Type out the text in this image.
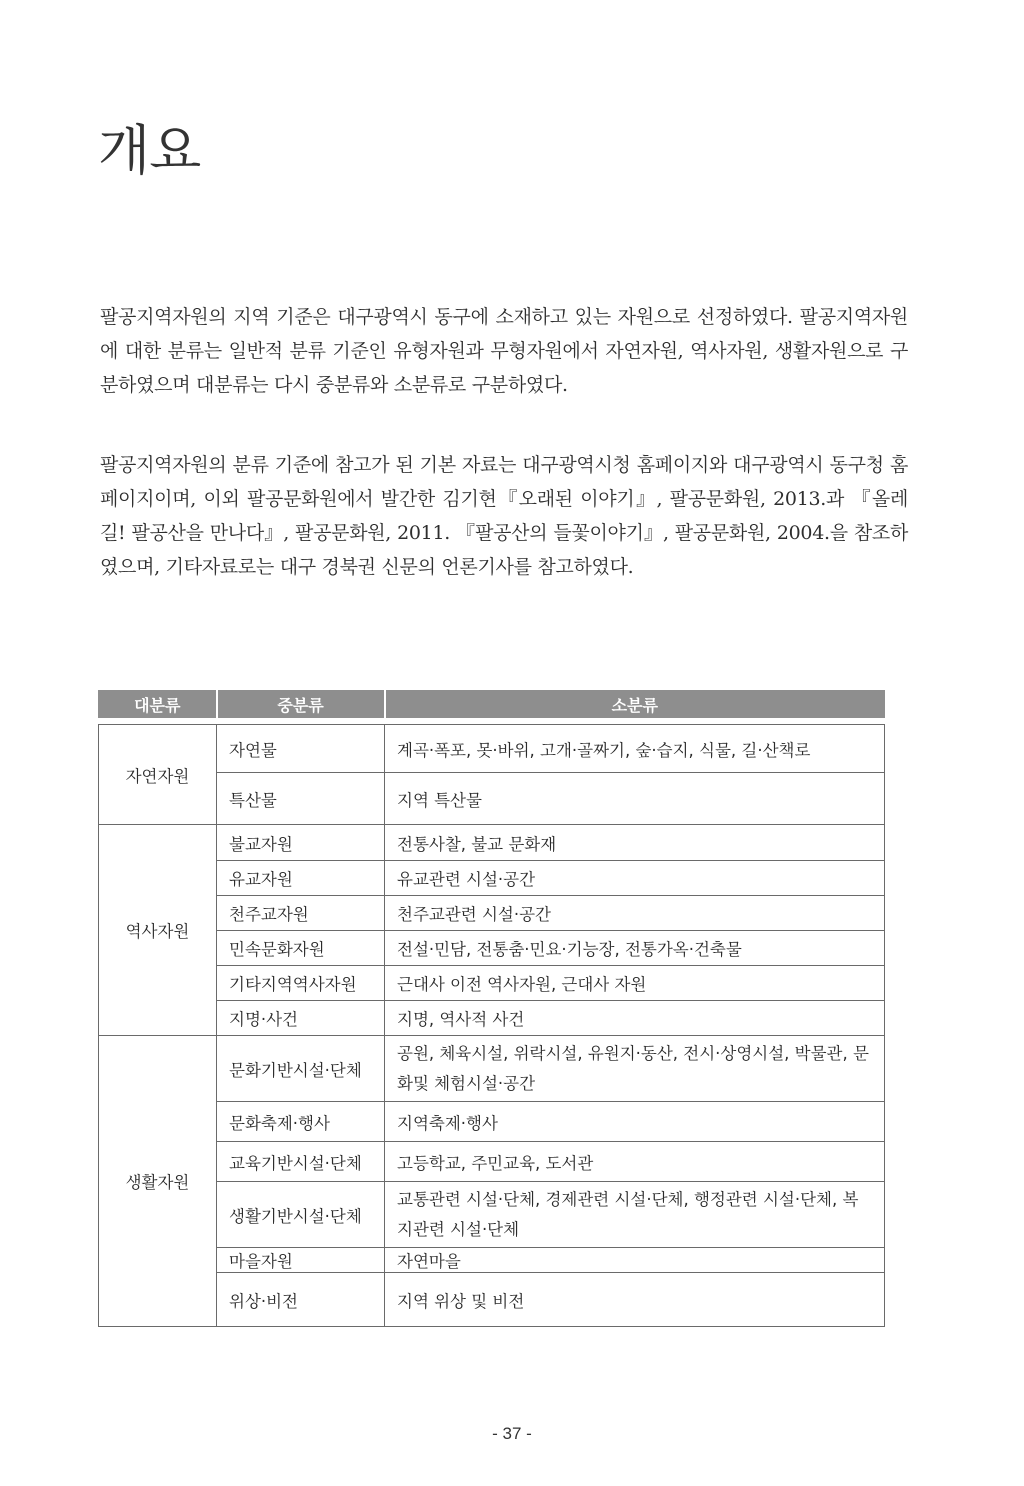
개요

팔공지역자원의 지역 기준은 대구광역시 동구에 소재하고 있는 자원으로 선정하였다. 팔공지역자원에 대한 분류는 일반적 분류 기준인 유형자원과 무형자원에서 자연자원, 역사자원, 생활자원으로 구분하였으며 대분류는 다시 중분류와 소분류로 구분하였다.

팔공지역자원의 분류 기준에 참고가 된 기본 자료는 대구광역시청 홈페이지와 대구광역시 동구청 홈페이지이며, 이외 팔공문화원에서 발간한 김기현『오래된 이야기』, 팔공문화원, 2013.과 『올레길! 팔공산을 만나다』, 팔공문화원, 2011. 『팔공산의 들꽃이야기』, 팔공문화원, 2004.을 참조하였으며, 기타자료로는 대구 경북권 신문의 언론기사를 참고하였다.

대분류	중분류	소분류

자연자원	자연물	계곡·폭포, 못·바위, 고개·골짜기, 숲·습지, 식물, 길·산책로
	특산물	지역 특산물
역사자원	불교자원	전통사찰, 불교 문화재
	유교자원	유교관련 시설·공간
	천주교자원	천주교관련 시설·공간
	민속문화자원	전설·민담, 전통춤·민요·기능장, 전통가옥·건축물
	기타지역역사자원	근대사 이전 역사자원, 근대사 자원
	지명·사건	지명, 역사적 사건
생활자원	문화기반시설·단체	공원, 체육시설, 위락시설, 유원지·동산, 전시·상영시설, 박물관, 문화및 체험시설·공간
	문화축제·행사	지역축제·행사
	교육기반시설·단체	고등학교, 주민교육, 도서관
	생활기반시설·단체	교통관련 시설·단체, 경제관련 시설·단체, 행정관련 시설·단체, 복지관련 시설·단체
	마을자원	자연마을
	위상·비전	지역 위상 및 비전
- 37 -
